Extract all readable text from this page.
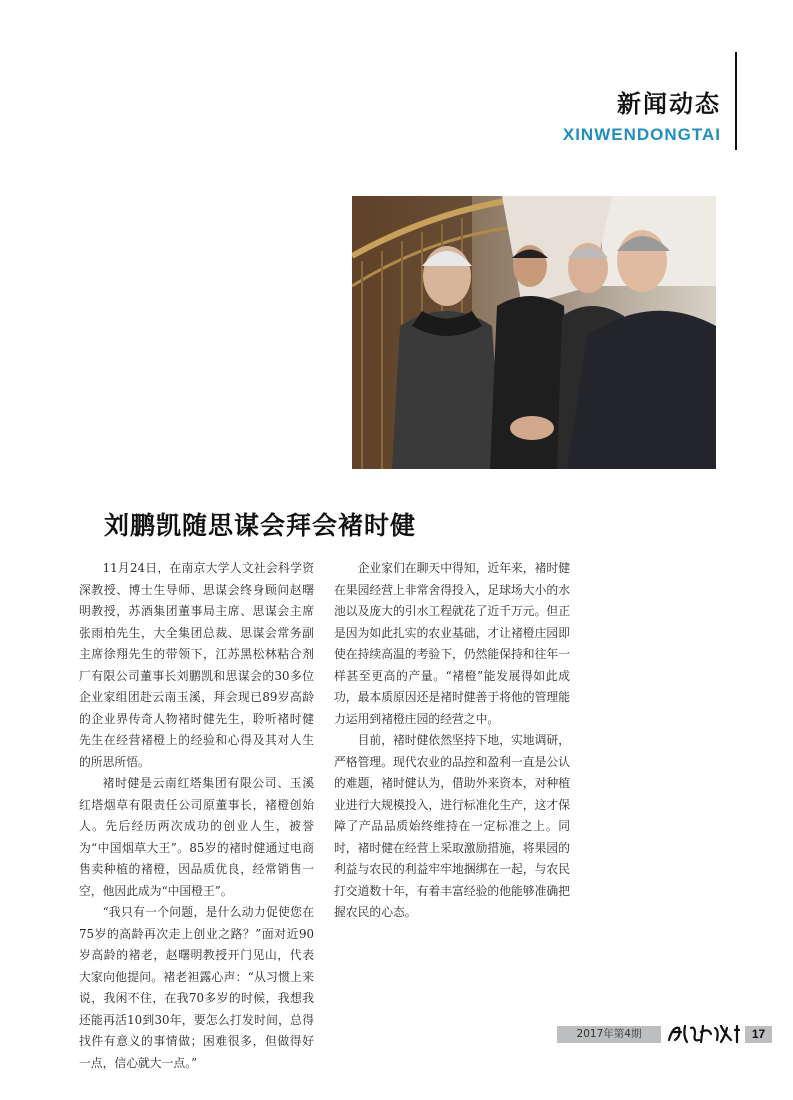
新闻动态
XINWENDONGTAI
刘鹏凯随思谋会拜会褚时健

11月24日，在南京大学人文社会科学资深教授、博士生导师、思谋会终身顾问赵曙明教授，苏酒集团董事局主席、思谋会主席张雨柏先生，大全集团总裁、思谋会常务副主席徐翔先生的带领下，江苏黑松林粘合剂厂有限公司董事长刘鹏凯和思谋会的30多位企业家组团赴云南玉溪，拜会现已89岁高龄的企业界传奇人物褚时健先生，聆听褚时健先生在经营褚橙上的经验和心得及其对人生的所思所悟。

褚时健是云南红塔集团有限公司、玉溪红塔烟草有限责任公司原董事长，褚橙创始人。先后经历两次成功的创业人生，被誉为“中国烟草大王”。85岁的褚时健通过电商售卖种植的褚橙，因品质优良，经常销售一空，他因此成为“中国橙王”。

“我只有一个问题，是什么动力促使您在75岁的高龄再次走上创业之路？”面对近90岁高龄的褚老，赵曙明教授开门见山，代表大家向他提问。褚老袒露心声：“从习惯上来说，我闲不住，在我70多岁的时候，我想我还能再活10到30年，要怎么打发时间，总得找件有意义的事情做；困难很多，但做得好一点，信心就大一点。”

企业家们在聊天中得知，近年来，褚时健在果园经营上非常舍得投入，足球场大小的水池以及庞大的引水工程就花了近千万元。但正是因为如此扎实的农业基础，才让褚橙庄园即使在持续高温的考验下，仍然能保持和往年一样甚至更高的产量。“褚橙”能发展得如此成功，最本质原因还是褚时健善于将他的管理能力运用到褚橙庄园的经营之中。

目前，褚时健依然坚持下地，实地调研，严格管理。现代农业的品控和盈利一直是公认的难题，褚时健认为，借助外来资本，对种植业进行大规模投入，进行标准化生产，这才保障了产品品质始终维持在一定标准之上。同时，褚时健在经营上采取激励措施，将果园的利益与农民的利益牢牢地捆绑在一起，与农民打交道数十年，有着丰富经验的他能够准确把握农民的心态。

2017年第4期	17
